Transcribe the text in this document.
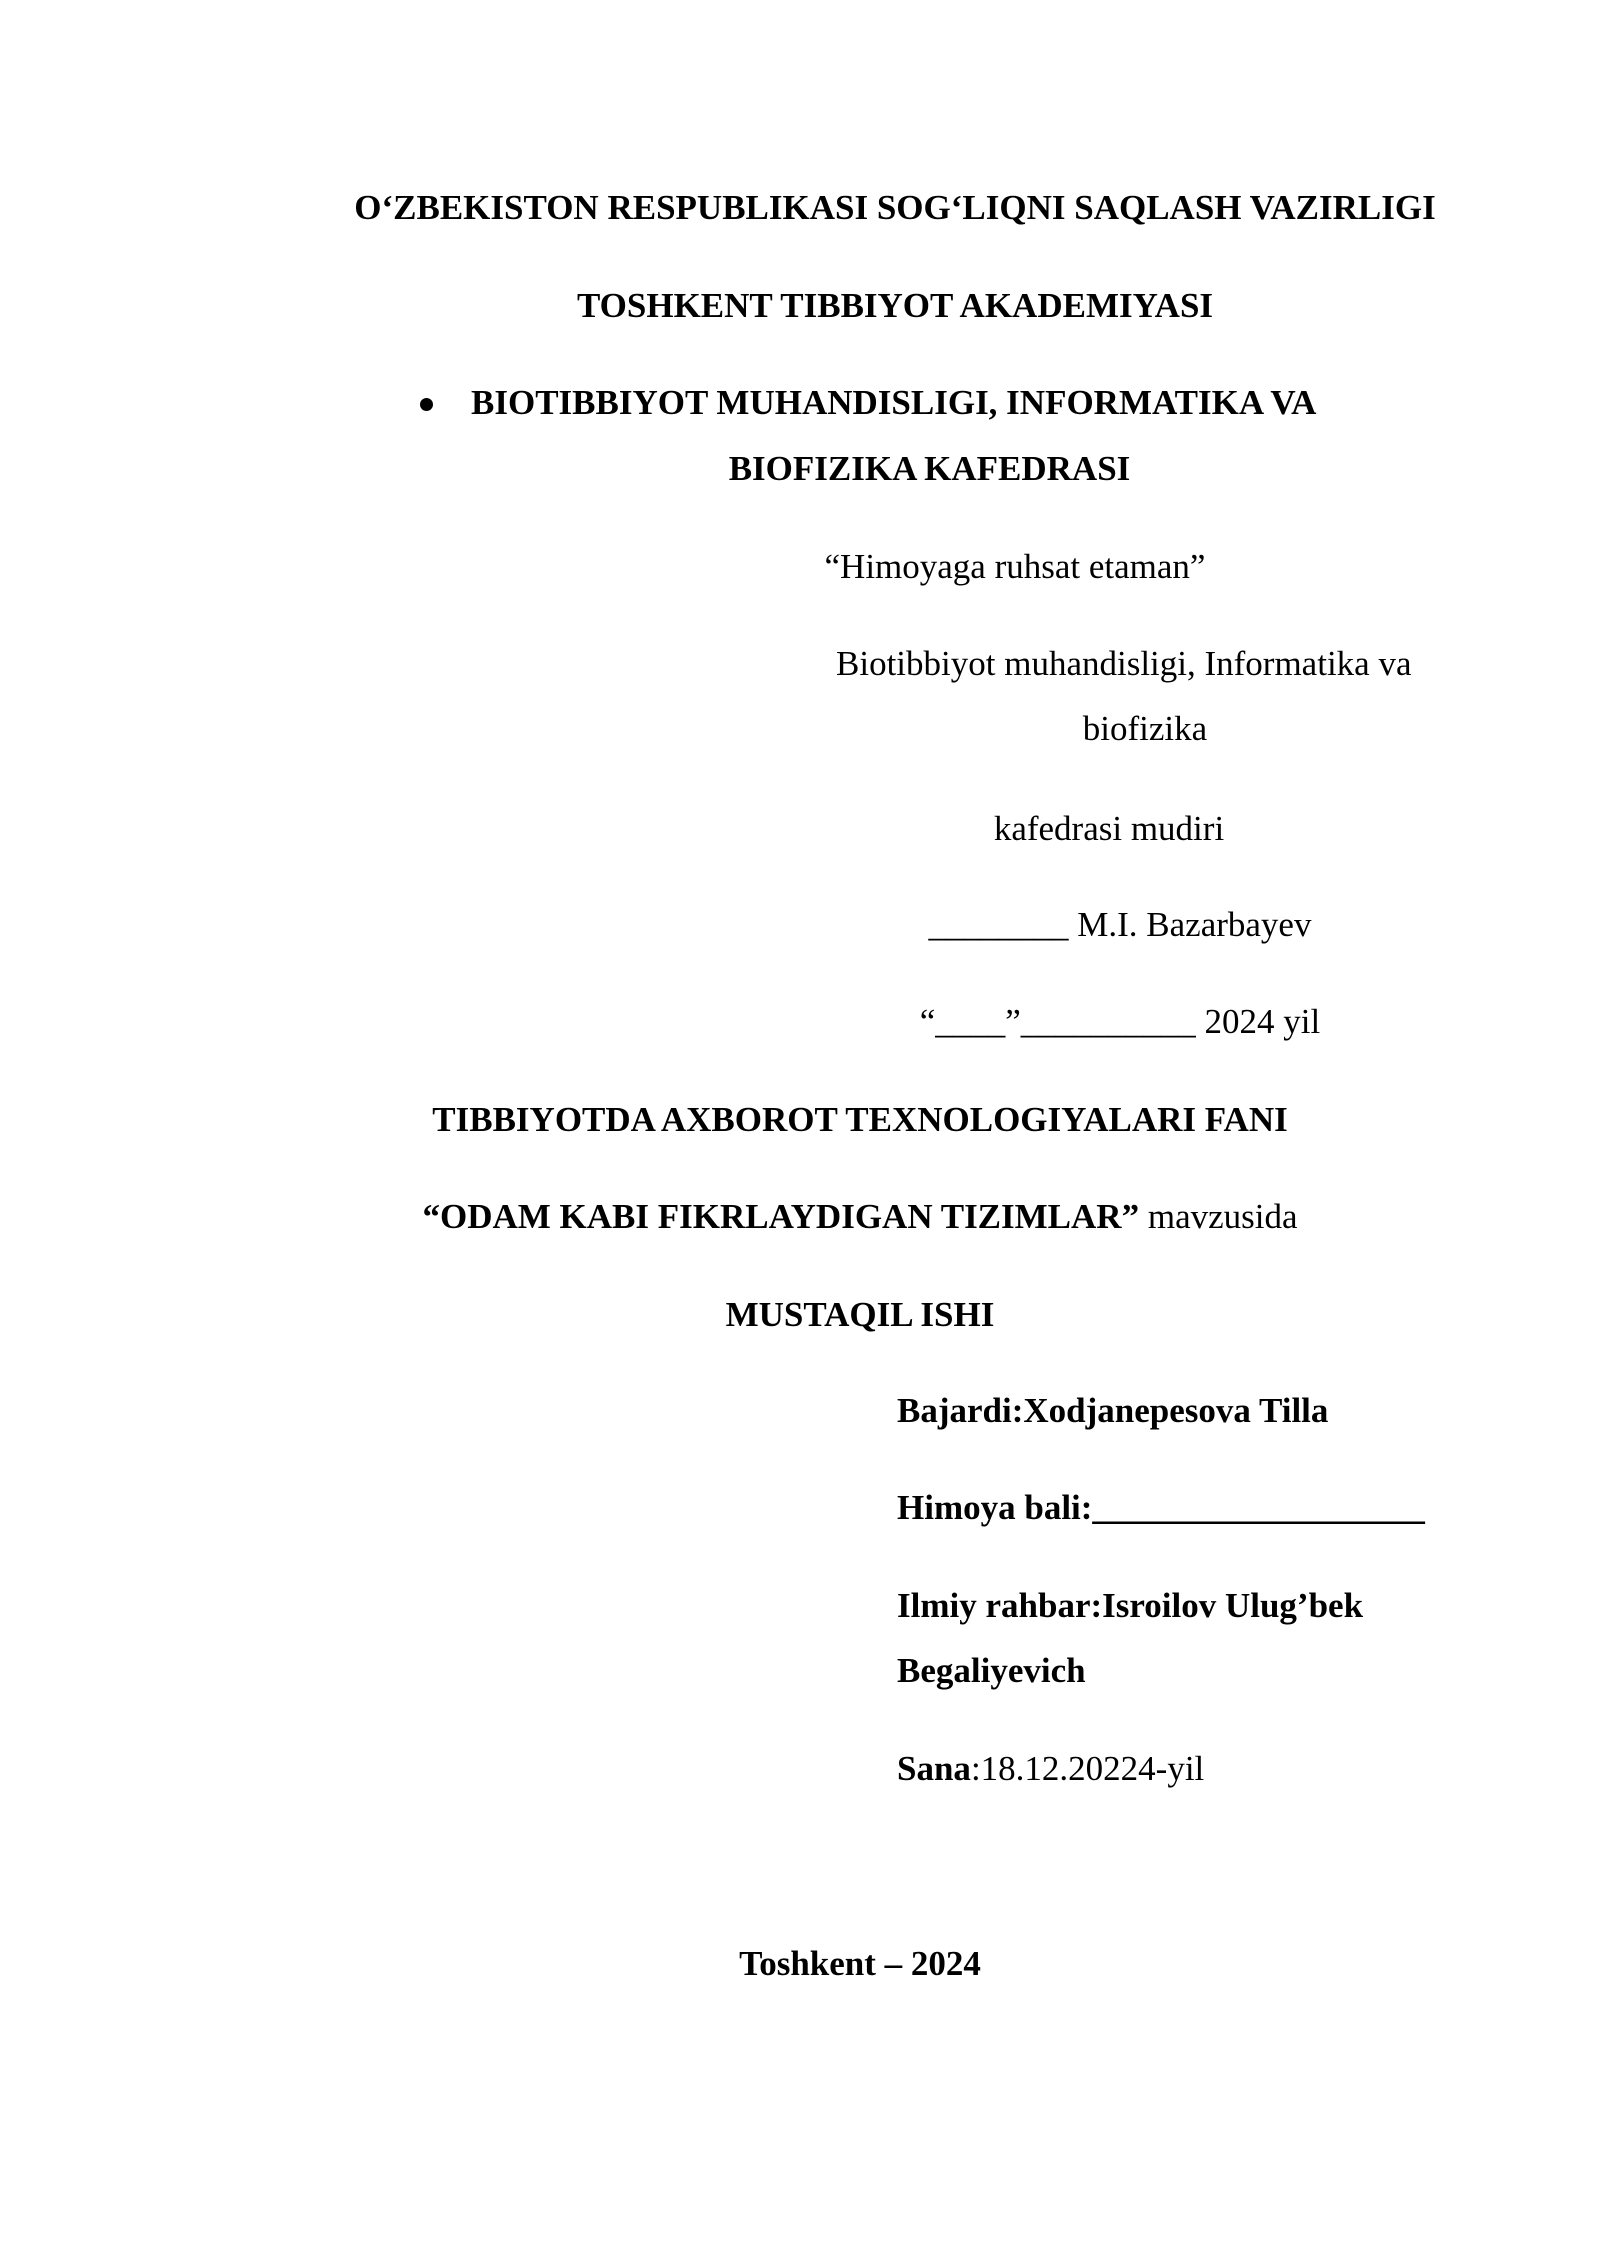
O‘ZBEKISTON RESPUBLIKASI SOG‘LIQNI SAQLASH VAZIRLIGI
TOSHKENT TIBBIYOT AKADEMIYASI
BIOTIBBIYOT MUHANDISLIGI, INFORMATIKA VA
BIOFIZIKA KAFEDRASI
“Himoyaga ruhsat etaman”
Biotibbiyot muhandisligi, Informatika va
biofizika
kafedrasi mudiri
________ M.I. Bazarbayev
“____”__________ 2024 yil
TIBBIYOTDA AXBOROT TEXNOLOGIYALARI FANI
“ODAM KABI FIKRLAYDIGAN TIZIMLAR” mavzusida
MUSTAQIL ISHI
Bajardi:Xodjanepesova Tilla
Himoya bali:___________________
Ilmiy rahbar:Isroilov Ulug’bek
Begaliyevich
Sana:18.12.20224-yil
Toshkent – 2024
